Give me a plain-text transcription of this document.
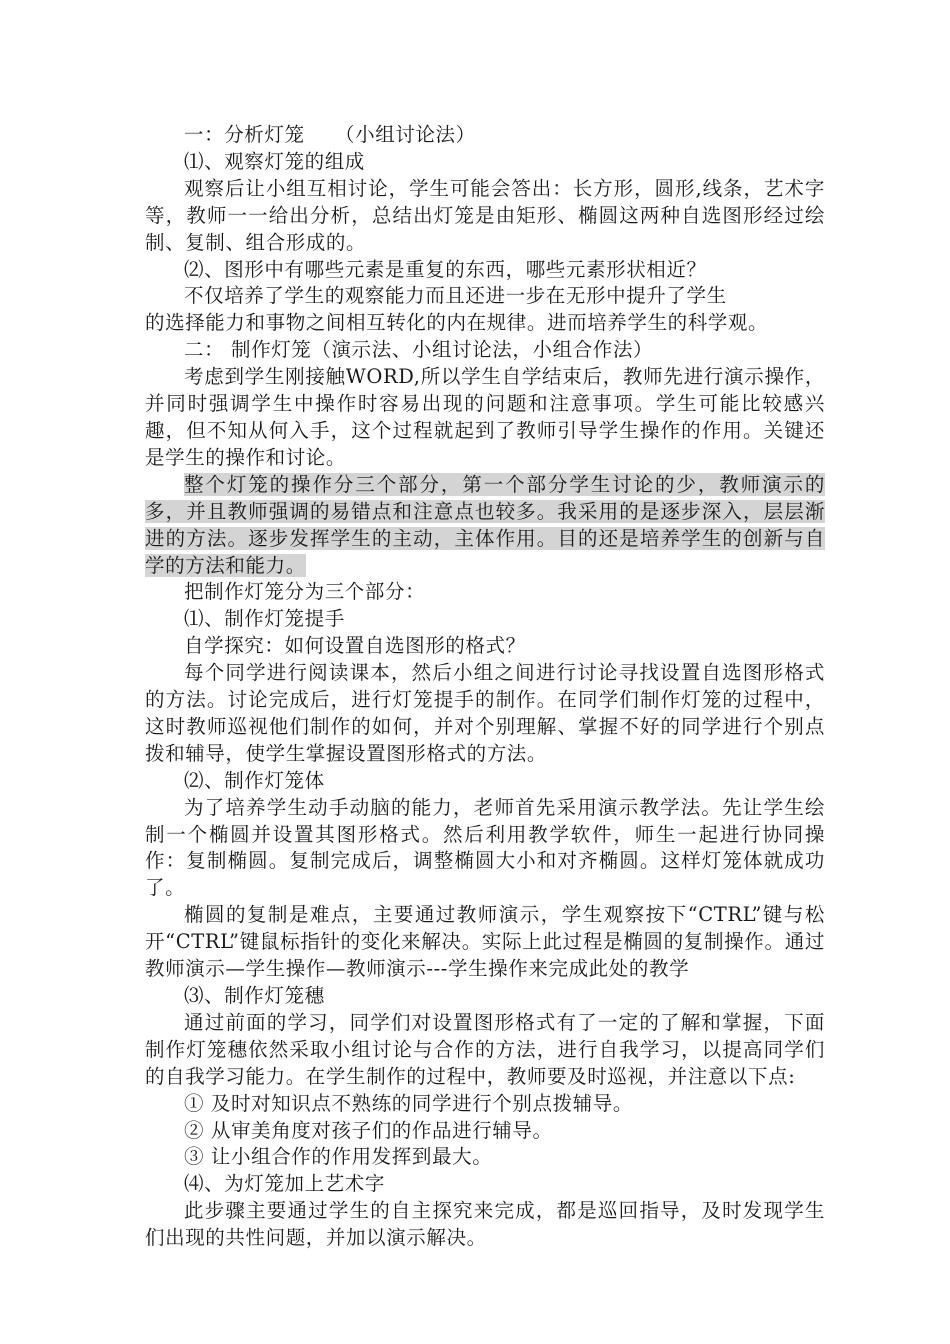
一：分析灯笼　　（小组讨论法）

⑴、观察灯笼的组成

观察后让小组互相讨论，学生可能会答出：长方形，圆形,线条，艺术字等，教师一一给出分析，总结出灯笼是由矩形、椭圆这两种自选图形经过绘制、复制、组合形成的。

⑵、图形中有哪些元素是重复的东西，哪些元素形状相近？

不仅培养了学生的观察能力而且还进一步在无形中提升了学生

的选择能力和事物之间相互转化的内在规律。进而培养学生的科学观。

二： 制作灯笼（演示法、小组讨论法，小组合作法）

考虑到学生刚接触WORD,所以学生自学结束后，教师先进行演示操作，并同时强调学生中操作时容易出现的问题和注意事项。学生可能比较感兴趣，但不知从何入手，这个过程就起到了教师引导学生操作的作用。关键还是学生的操作和讨论。

整个灯笼的操作分三个部分，第一个部分学生讨论的少，教师演示的多，并且教师强调的易错点和注意点也较多。我采用的是逐步深入，层层渐进的方法。逐步发挥学生的主动，主体作用。目的还是培养学生的创新与自学的方法和能力。

把制作灯笼分为三个部分：

⑴、制作灯笼提手

自学探究：如何设置自选图形的格式？

每个同学进行阅读课本，然后小组之间进行讨论寻找设置自选图形格式的方法。讨论完成后，进行灯笼提手的制作。在同学们制作灯笼的过程中，这时教师巡视他们制作的如何，并对个别理解、掌握不好的同学进行个别点拨和辅导，使学生掌握设置图形格式的方法。

⑵、制作灯笼体

为了培养学生动手动脑的能力，老师首先采用演示教学法。先让学生绘制一个椭圆并设置其图形格式。然后利用教学软件，师生一起进行协同操作：复制椭圆。复制完成后，调整椭圆大小和对齐椭圆。这样灯笼体就成功了。

椭圆的复制是难点，主要通过教师演示，学生观察按下“CTRL”键与松开“CTRL”键鼠标指针的变化来解决。实际上此过程是椭圆的复制操作。通过教师演示—学生操作—教师演示---学生操作来完成此处的教学

⑶、制作灯笼穗

通过前面的学习，同学们对设置图形格式有了一定的了解和掌握，下面制作灯笼穗依然采取小组讨论与合作的方法，进行自我学习，以提高同学们的自我学习能力。在学生制作的过程中，教师要及时巡视，并注意以下点:

① 及时对知识点不熟练的同学进行个别点拨辅导。

② 从审美角度对孩子们的作品进行辅导。

③ 让小组合作的作用发挥到最大。

⑷、为灯笼加上艺术字

此步骤主要通过学生的自主探究来完成，都是巡回指导，及时发现学生们出现的共性问题，并加以演示解决。
